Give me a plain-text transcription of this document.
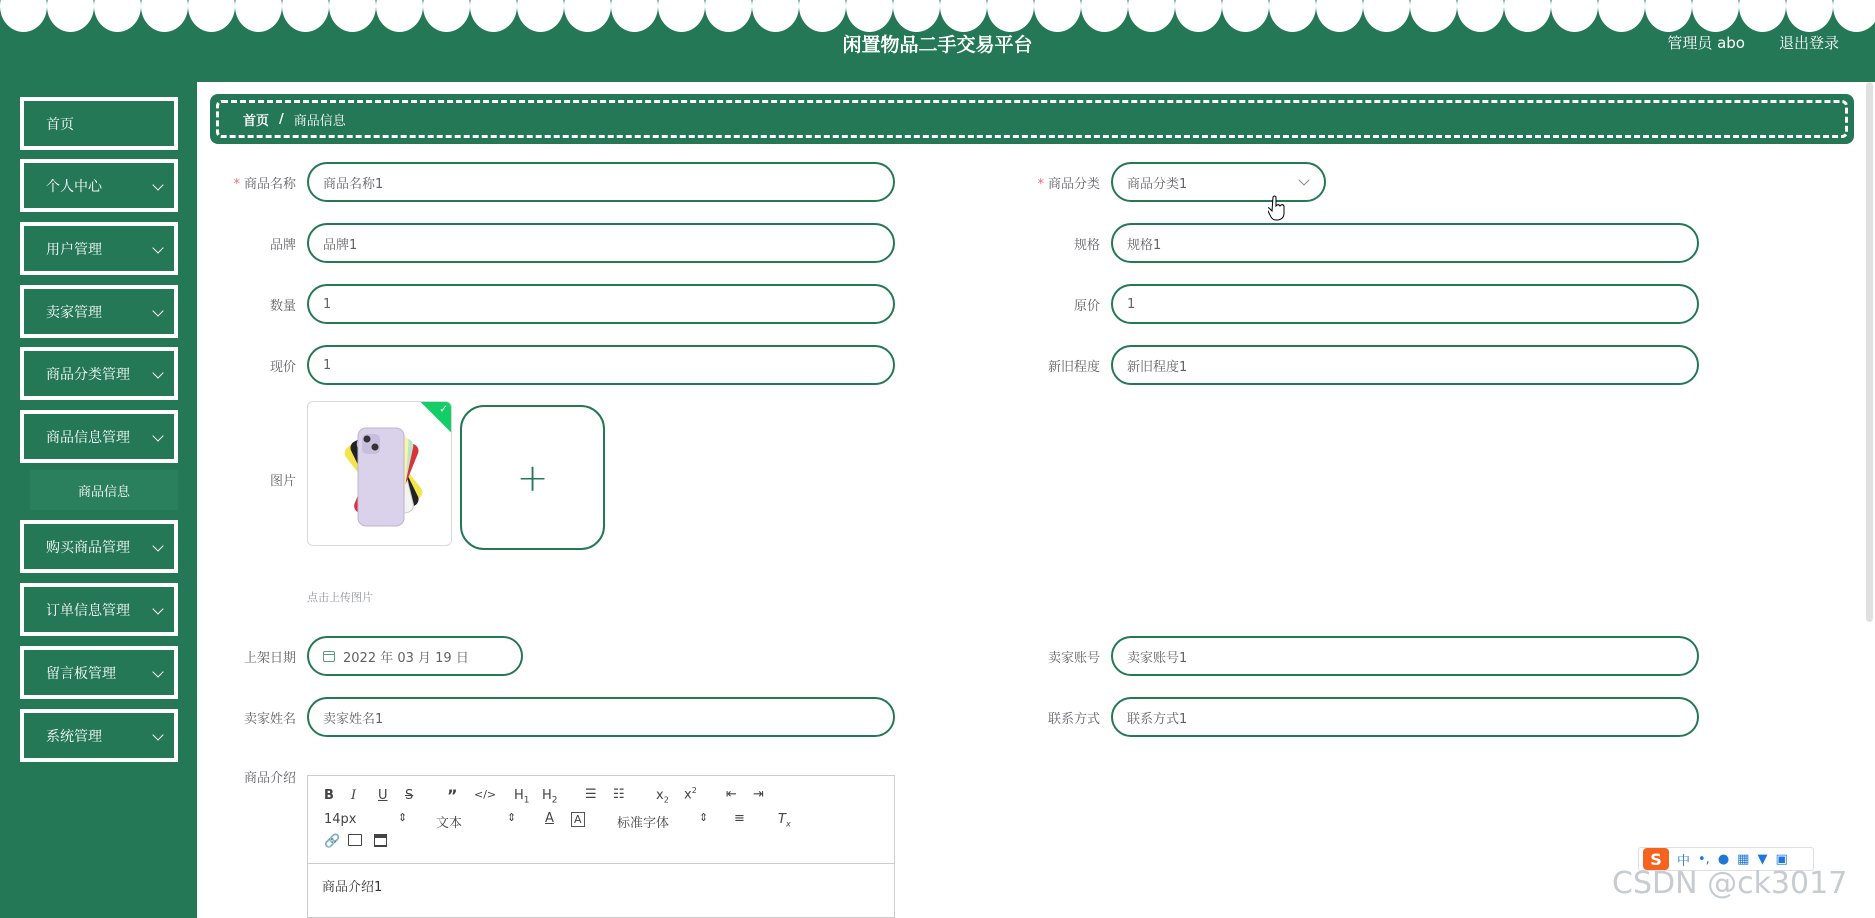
闲置物品二手交易平台	管理员 abo 退出登录
首页
个人中心
用户管理
卖家管理
商品分类管理
商品信息管理
商品信息
购买商品管理
订单信息管理
留言板管理
系统管理
首页 / 商品信息
* 商品名称	商品名称1	* 商品分类 商品分类1
品牌	品牌1	规格	规格1
数量	1	原价	1
现价	1	新旧程度	新旧程度1
图片
✓
+
点击上传图片
上架日期	2022 年 03 月 19 日	卖家账号	卖家账号1
卖家姓名	卖家姓名1	联系方式	联系方式1
商品介绍
B I U S ” </> $H_1$ $H_2$ ☰ ☷ $x_2$ $x^2$ ⇤ ⇥
14px	⇕ 文本	⇕ A A	标准字体	⇕ ≡	$T_x$
🔗
商品介绍1
S	中 •, ● ▦ ▼ ▣
CSDN @ck3017
